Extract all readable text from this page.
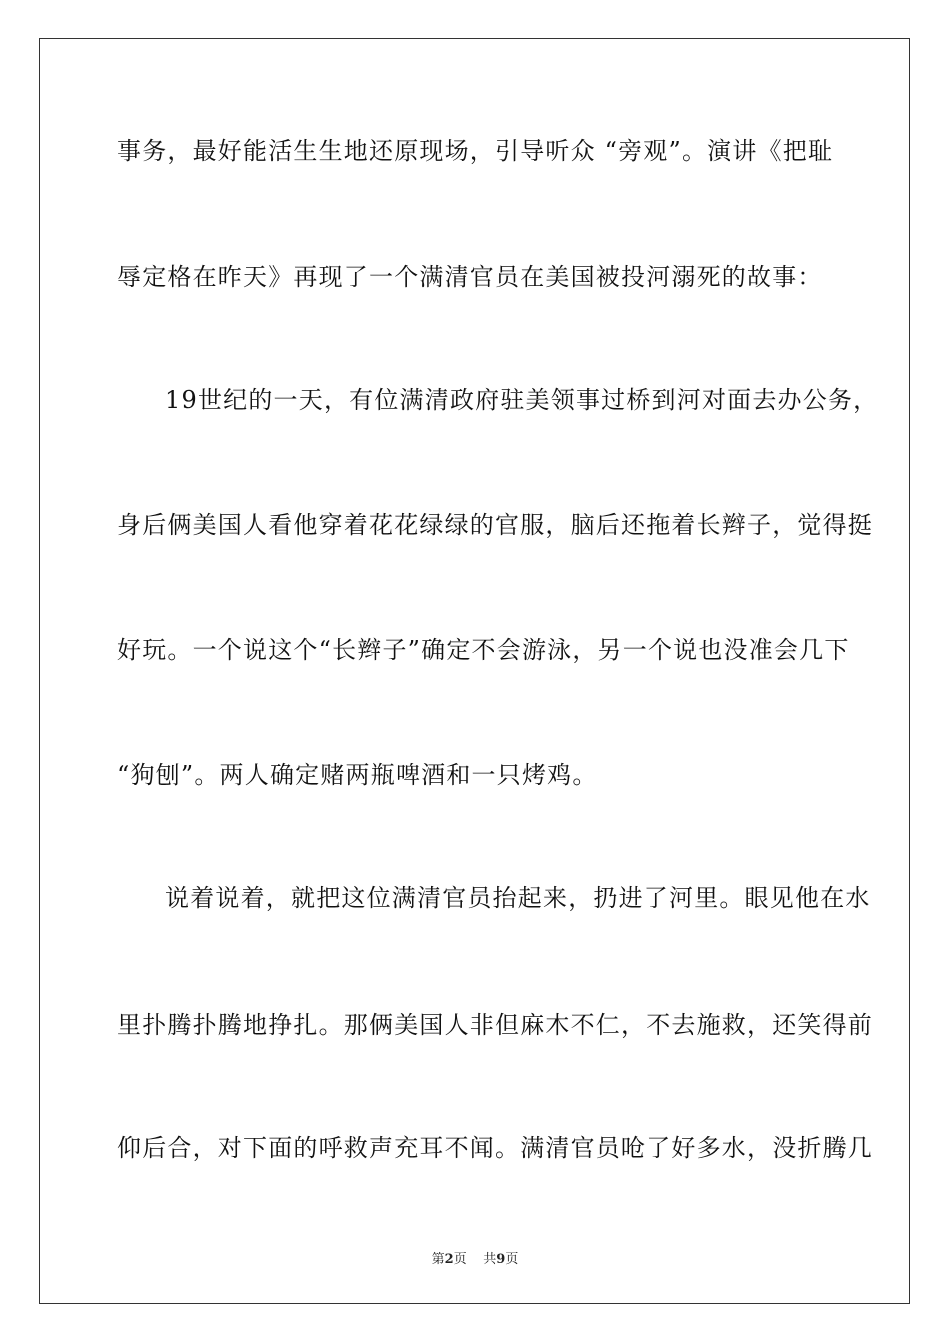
事务，最好能活生生地还原现场，引导听众 “旁观”。演讲《把耻
辱定格在昨天》再现了一个满清官员在美国被投河溺死的故事：
19世纪的一天，有位满清政府驻美领事过桥到河对面去办公务，
身后俩美国人看他穿着花花绿绿的官服，脑后还拖着长辫子，觉得挺
好玩。一个说这个“长辫子”确定不会游泳，另一个说也没准会几下
“狗刨”。两人确定赌两瓶啤酒和一只烤鸡。
说着说着，就把这位满清官员抬起来，扔进了河里。眼见他在水
里扑腾扑腾地挣扎。那俩美国人非但麻木不仁，不去施救，还笑得前
仰后合，对下面的呼救声充耳不闻。满清官员呛了好多水，没折腾几
第2页 共9页
